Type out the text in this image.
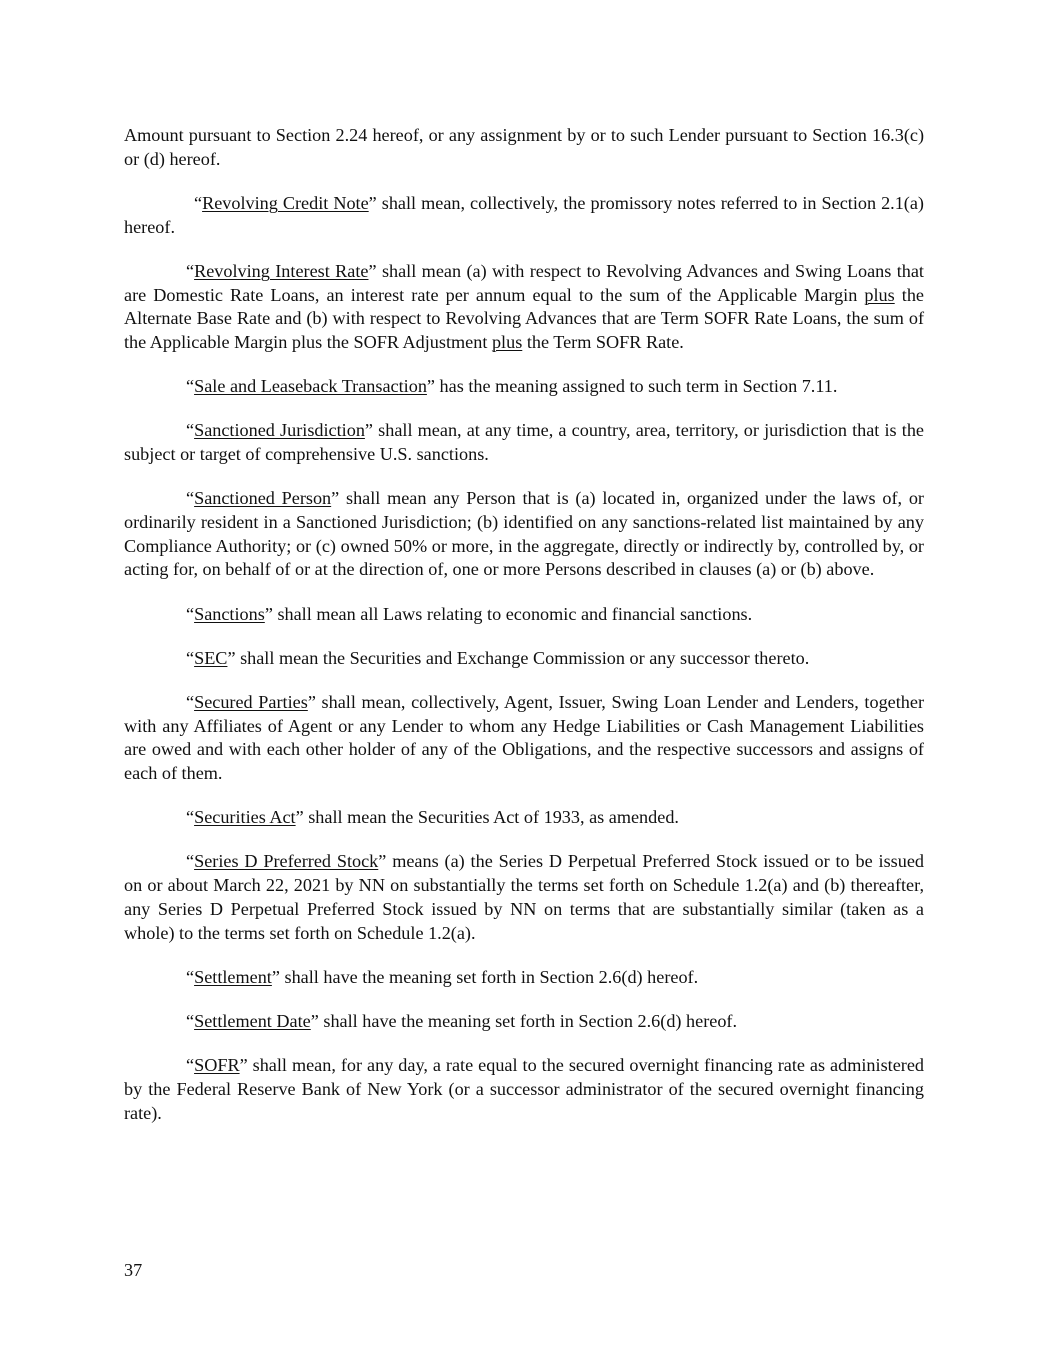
Amount pursuant to Section 2.24 hereof, or any assignment by or to such Lender pursuant to Section 16.3(c) or (d) hereof.

“Revolving Credit Note” shall mean, collectively, the promissory notes referred to in Section 2.1(a) hereof.

“Revolving Interest Rate” shall mean (a) with respect to Revolving Advances and Swing Loans that are Domestic Rate Loans, an interest rate per annum equal to the sum of the Applicable Margin plus the Alternate Base Rate and (b) with respect to Revolving Advances that are Term SOFR Rate Loans, the sum of the Applicable Margin plus the SOFR Adjustment plus the Term SOFR Rate.

“Sale and Leaseback Transaction” has the meaning assigned to such term in Section 7.11.

“Sanctioned Jurisdiction” shall mean, at any time, a country, area, territory, or jurisdiction that is the subject or target of comprehensive U.S. sanctions.

“Sanctioned Person” shall mean any Person that is (a) located in, organized under the laws of, or ordinarily resident in a Sanctioned Jurisdiction; (b) identified on any sanctions-related list maintained by any Compliance Authority; or (c) owned 50% or more, in the aggregate, directly or indirectly by, controlled by, or acting for, on behalf of or at the direction of, one or more Persons described in clauses (a) or (b) above.

“Sanctions” shall mean all Laws relating to economic and financial sanctions.

“SEC” shall mean the Securities and Exchange Commission or any successor thereto.

“Secured Parties” shall mean, collectively, Agent, Issuer, Swing Loan Lender and Lenders, together with any Affiliates of Agent or any Lender to whom any Hedge Liabilities or Cash Management Liabilities are owed and with each other holder of any of the Obligations, and the respective successors and assigns of each of them.

“Securities Act” shall mean the Securities Act of 1933, as amended.

“Series D Preferred Stock” means (a) the Series D Perpetual Preferred Stock issued or to be issued on or about March 22, 2021 by NN on substantially the terms set forth on Schedule 1.2(a) and (b) thereafter, any Series D Perpetual Preferred Stock issued by NN on terms that are substantially similar (taken as a whole) to the terms set forth on Schedule 1.2(a).

“Settlement” shall have the meaning set forth in Section 2.6(d) hereof.

“Settlement Date” shall have the meaning set forth in Section 2.6(d) hereof.

“SOFR” shall mean, for any day, a rate equal to the secured overnight financing rate as administered by the Federal Reserve Bank of New York (or a successor administrator of the secured overnight financing rate).

37
